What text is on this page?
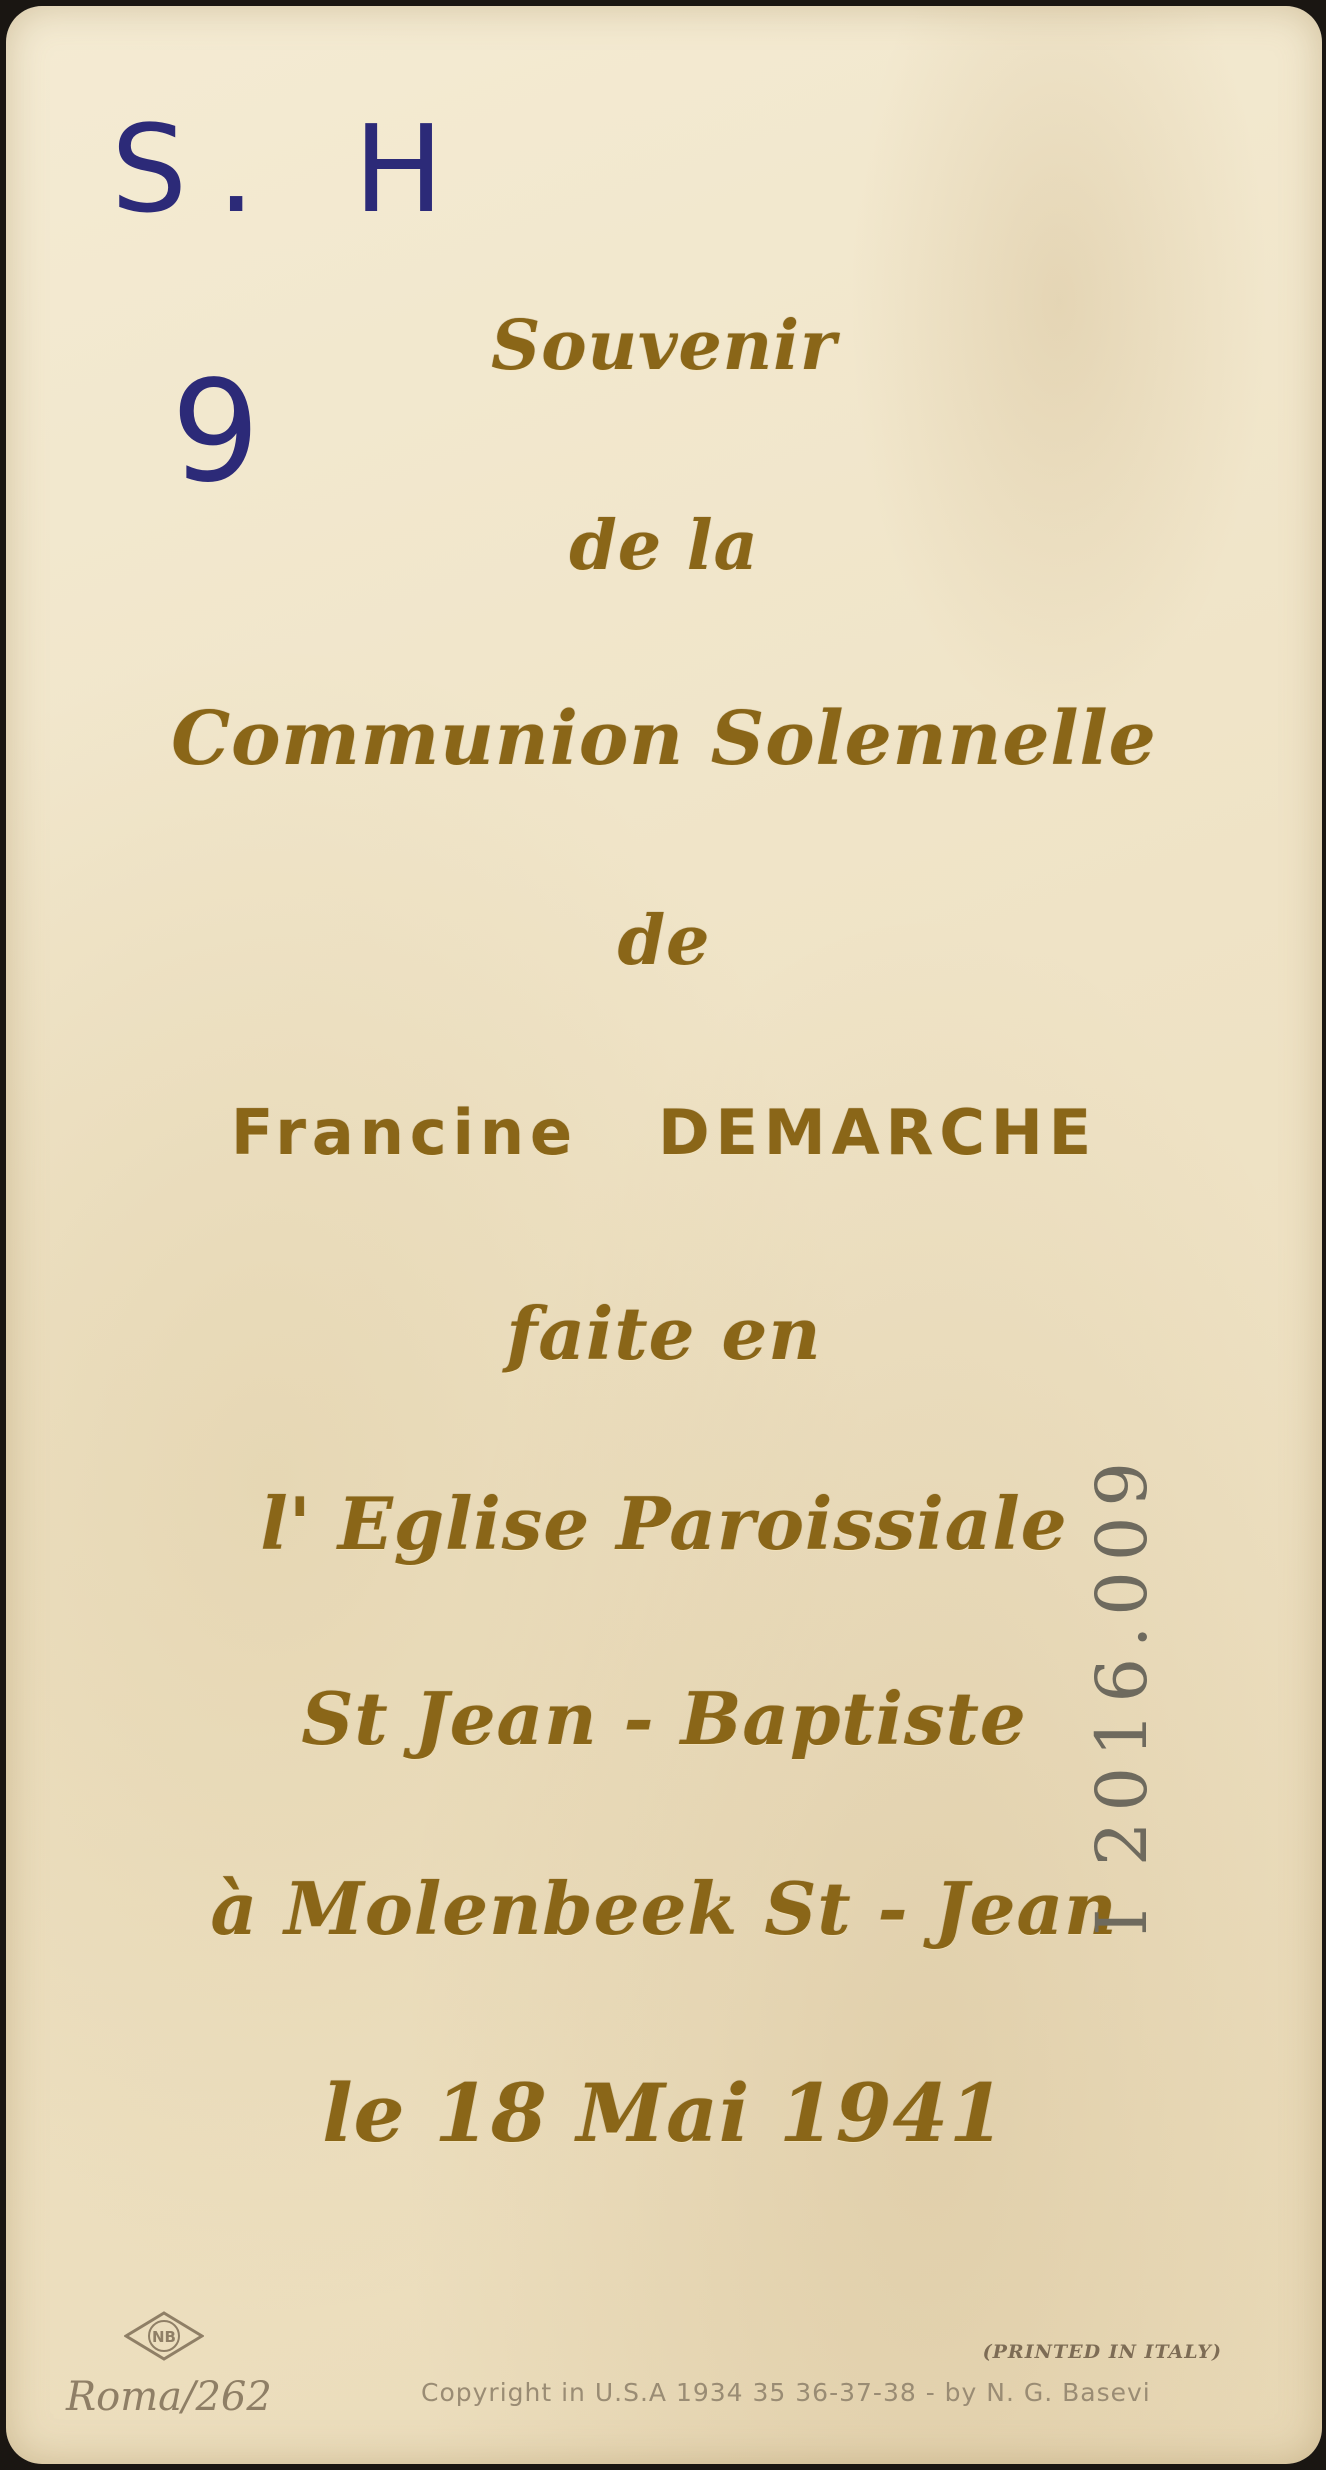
S. H
9
Souvenir
de la
Communion Solennelle
de
Francine DEMARCHE
faite en
l' Eglise Paroissiale
St Jean - Baptiste
à Molenbeek St - Jean
le 18 Mai 1941
I 2016.009
NB
Roma/262
(PRINTED IN ITALY)
Copyright in U.S.A 1934 35 36-37-38 - by N. G. Basevi
